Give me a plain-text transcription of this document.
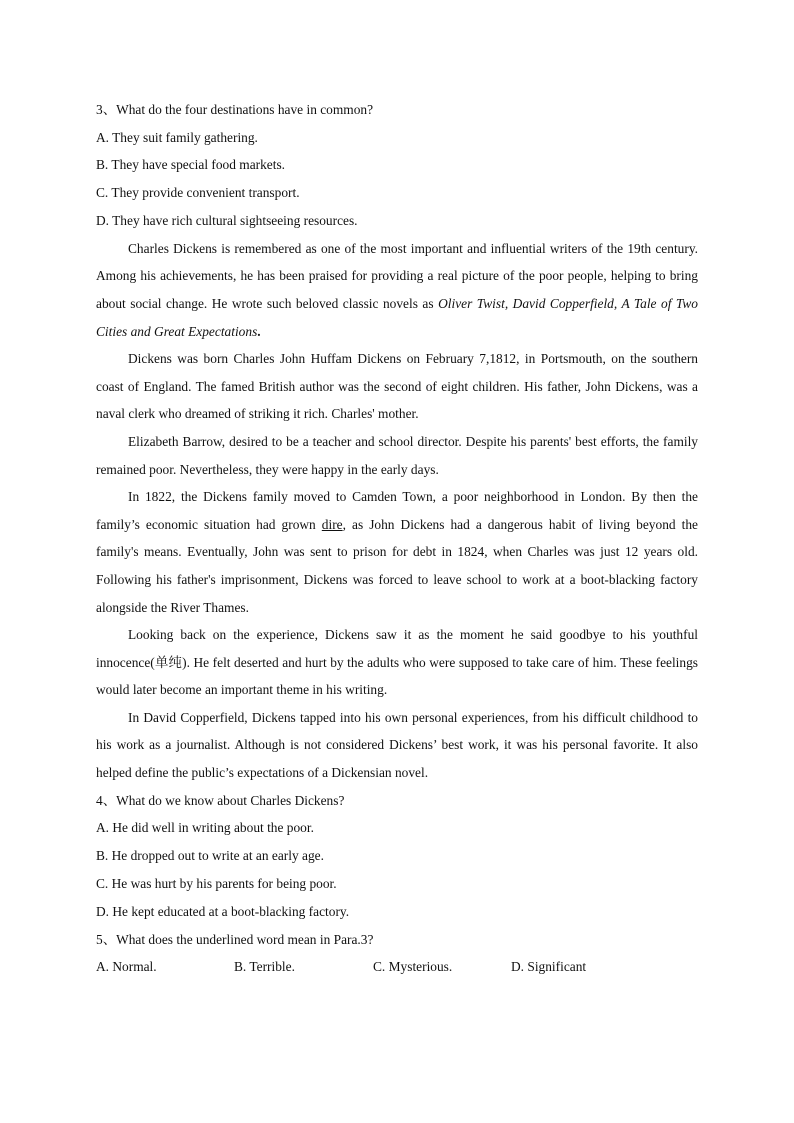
3、What do the four destinations have in common?
A. They suit family gathering.
B. They have special food markets.
C. They provide convenient transport.
D. They have rich cultural sightseeing resources.

Charles Dickens is remembered as one of the most important and influential writers of the 19th century. Among his achievements, he has been praised for providing a real picture of the poor people, helping to bring about social change. He wrote such beloved classic novels as Oliver Twist, David Copperfield, A Tale of Two Cities and Great Expectations.

Dickens was born Charles John Huffam Dickens on February 7,1812, in Portsmouth, on the southern coast of England. The famed British author was the second of eight children. His father, John Dickens, was a naval clerk who dreamed of striking it rich. Charles' mother.

Elizabeth Barrow, desired to be a teacher and school director. Despite his parents' best efforts, the family remained poor. Nevertheless, they were happy in the early days.

In 1822, the Dickens family moved to Camden Town, a poor neighborhood in London. By then the family’s economic situation had grown dire, as John Dickens had a dangerous habit of living beyond the family's means. Eventually, John was sent to prison for debt in 1824, when Charles was just 12 years old. Following his father's imprisonment, Dickens was forced to leave school to work at a boot-blacking factory alongside the River Thames.

Looking back on the experience, Dickens saw it as the moment he said goodbye to his youthful innocence(单纯). He felt deserted and hurt by the adults who were supposed to take care of him. These feelings would later become an important theme in his writing.

In David Copperfield, Dickens tapped into his own personal experiences, from his difficult childhood to his work as a journalist. Although is not considered Dickens’ best work, it was his personal favorite. It also helped define the public’s expectations of a Dickensian novel.

4、What do we know about Charles Dickens?
A. He did well in writing about the poor.
B. He dropped out to write at an early age.
C. He was hurt by his parents for being poor.
D. He kept educated at a boot-blacking factory.
5、What does the underlined word mean in Para.3?
A. Normal.	B. Terrible.	C. Mysterious.	D. Significant
